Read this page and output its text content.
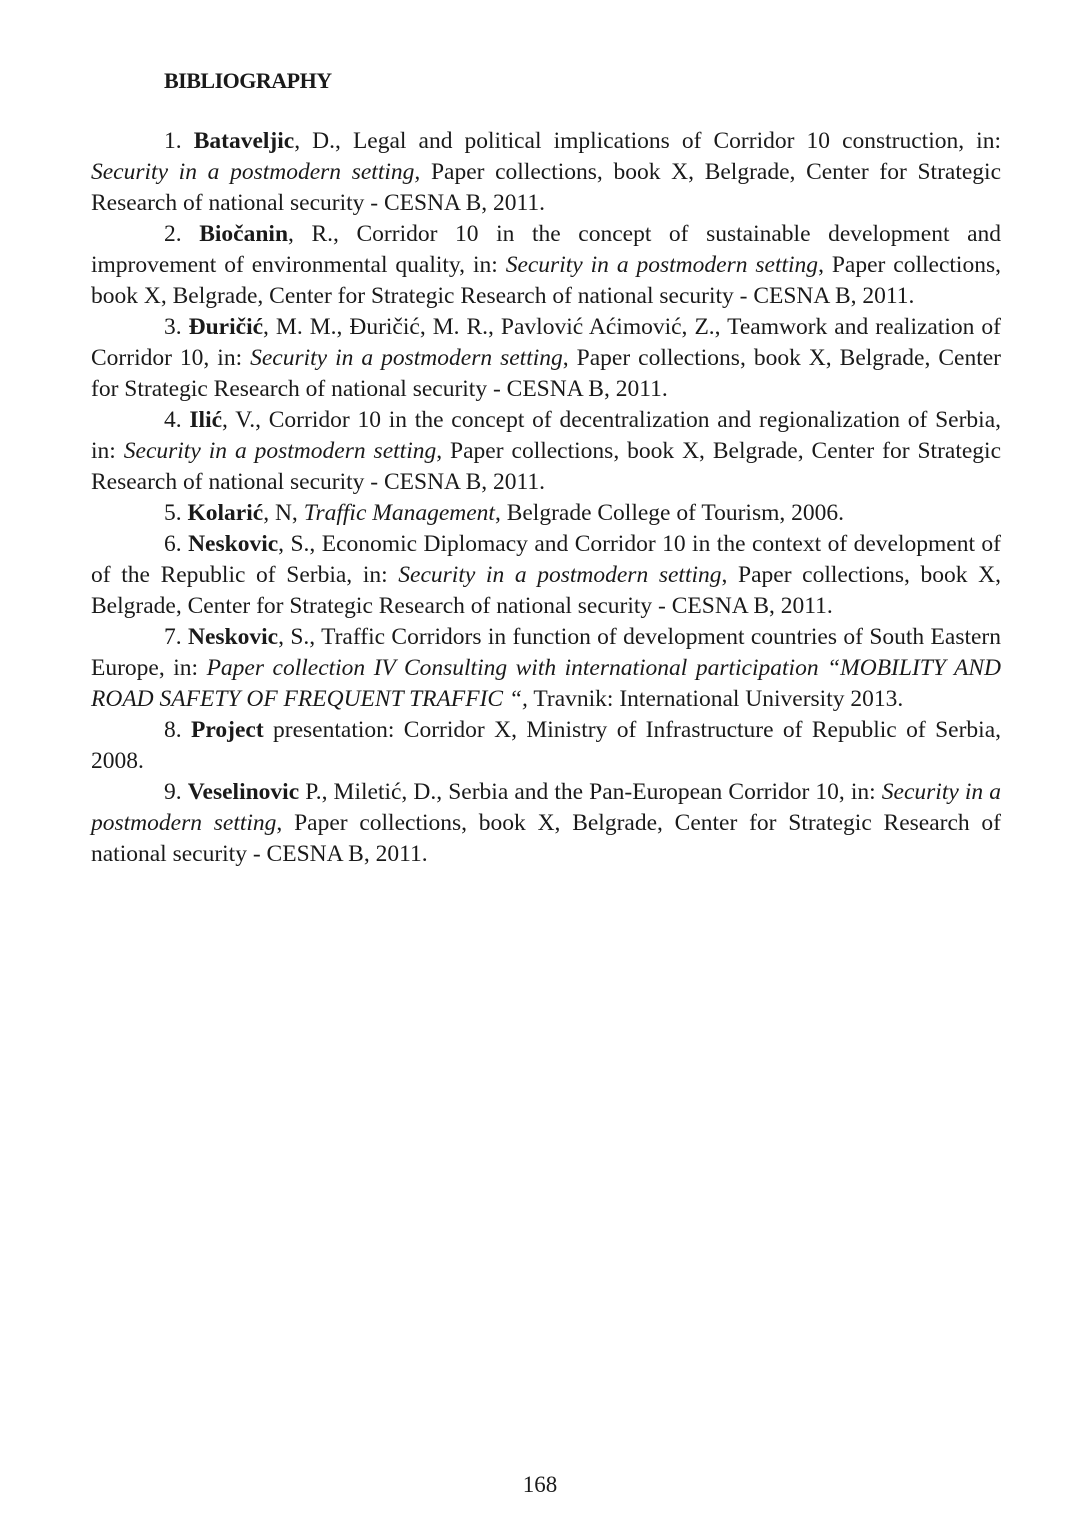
BIBLIOGRAPHY

1. Bataveljic, D., Legal and political implications of Corridor 10 construction, in: Security in a postmodern setting, Paper collections, book X, Belgrade, Center for Strategic Research of national security - CESNA B, 2011.

2. Biočanin, R., Corridor 10 in the concept of sustainable development and improvement of environmental quality, in: Security in a postmodern setting, Paper collections, book X, Belgrade, Center for Strategic Research of national security - CESNA B, 2011.

3. Đuričić, M. M., Đuričić, M. R., Pavlović Aćimović, Z., Teamwork and realization of Corridor 10, in: Security in a postmodern setting, Paper collections, book X, Belgrade, Center for Strategic Research of national security - CESNA B, 2011.

4. Ilić, V., Corridor 10 in the concept of decentralization and regionalization of Serbia, in: Security in a postmodern setting, Paper collections, book X, Belgrade, Center for Strategic Research of national security - CESNA B, 2011.

5. Kolarić, N, Traffic Management, Belgrade College of Tourism, 2006.

6. Neskovic, S., Economic Diplomacy and Corridor 10 in the context of development of of the Republic of Serbia, in: Security in a postmodern setting, Paper collections, book X, Belgrade, Center for Strategic Research of national security - CESNA B, 2011.

7. Neskovic, S., Traffic Corridors in function of development countries of South Eastern Europe, in: Paper collection IV Consulting with international participation “MOBILITY AND ROAD SAFETY OF FREQUENT TRAFFIC “, Travnik: International University 2013.

8. Project presentation: Corridor X, Ministry of Infrastructure of Republic of Serbia, 2008.

9. Veselinovic P., Miletić, D., Serbia and the Pan-European Corridor 10, in: Security in a postmodern setting, Paper collections, book X, Belgrade, Center for Strategic Research of national security - CESNA B, 2011.

168
